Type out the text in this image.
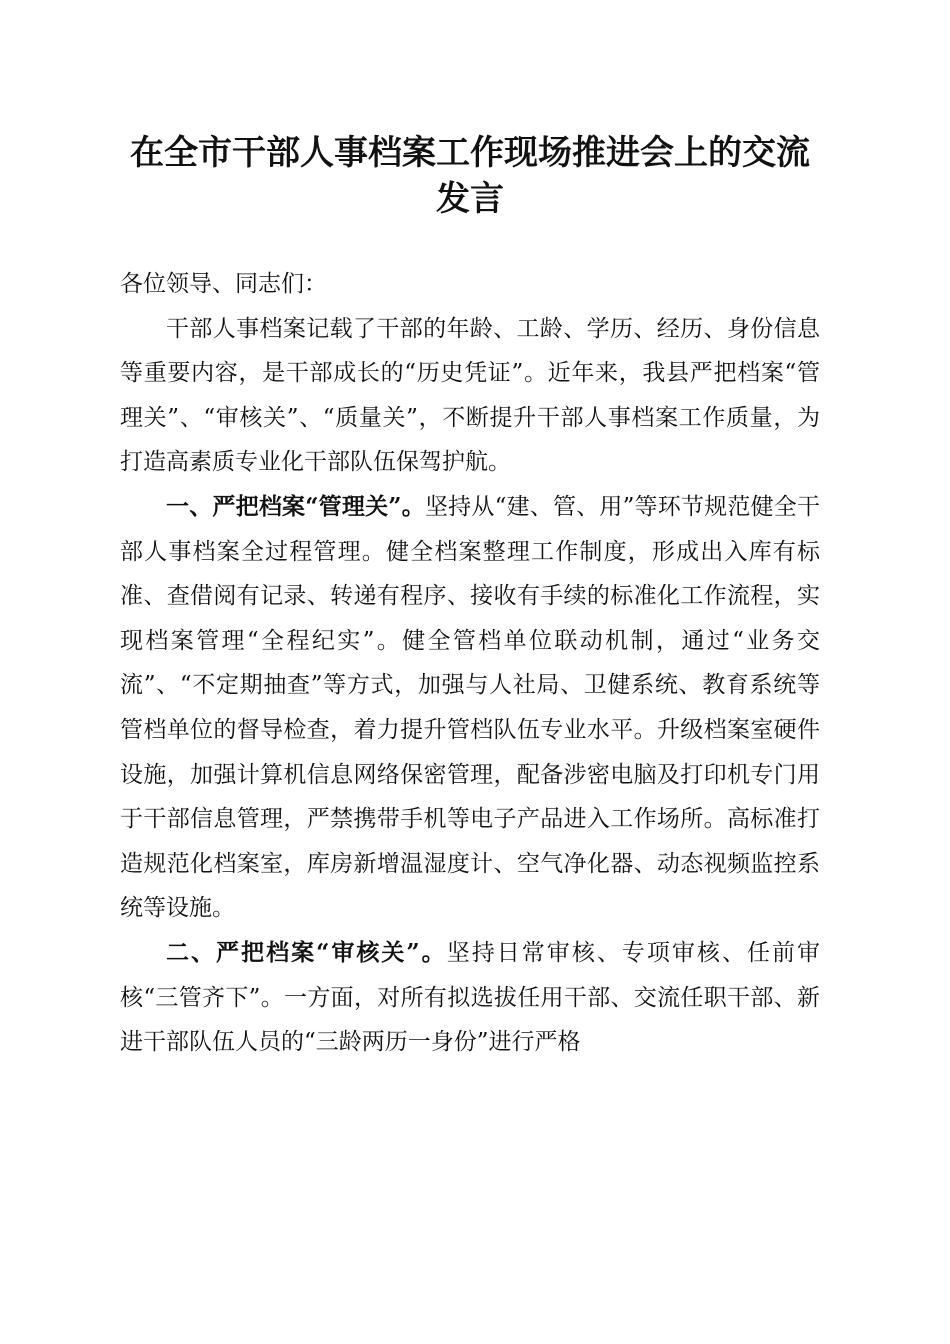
在全市干部人事档案工作现场推进会上的交流
发言

各位领导、同志们：

干部人事档案记载了干部的年龄、工龄、学历、经历、身份信息等重要内容，是干部成长的“历史凭证”。近年来，我县严把档案“管理关”、“审核关”、“质量关”，不断提升干部人事档案工作质量，为打造高素质专业化干部队伍保驾护航。

一、严把档案“管理关”。坚持从“建、管、用”等环节规范健全干部人事档案全过程管理。健全档案整理工作制度，形成出入库有标准、查借阅有记录、转递有程序、接收有手续的标准化工作流程，实现档案管理“全程纪实”。健全管档单位联动机制，通过“业务交流”、“不定期抽查”等方式，加强与人社局、卫健系统、教育系统等管档单位的督导检查，着力提升管档队伍专业水平。升级档案室硬件设施，加强计算机信息网络保密管理，配备涉密电脑及打印机专门用于干部信息管理，严禁携带手机等电子产品进入工作场所。高标准打造规范化档案室，库房新增温湿度计、空气净化器、动态视频监控系统等设施。

二、严把档案“审核关”。坚持日常审核、专项审核、任前审核“三管齐下”。一方面，对所有拟选拔任用干部、交流任职干部、新进干部队伍人员的“三龄两历一身份”进行严格
